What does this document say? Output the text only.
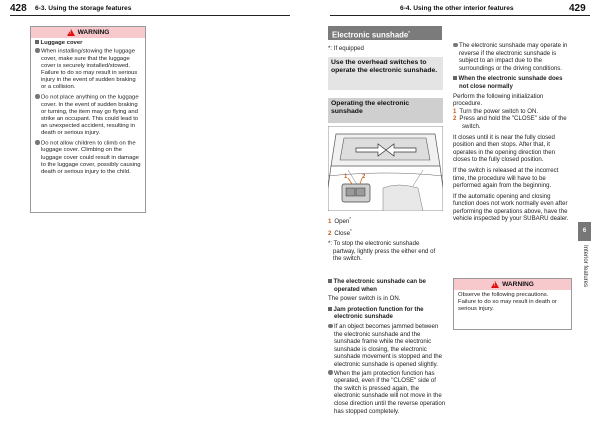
428 6-3. Using the storage features
!
WARNING
Luggage cover
When installing/stowing the luggage cover, make sure that the luggage cover is securely installed/stowed. Failure to do so may result in serious injury in the event of sudden braking or a collision.
Do not place anything on the luggage cover. In the event of sudden braking or turning, the item may go flying and strike an occupant. This could lead to an unexpected accident, resulting in death or serious injury.
Do not allow children to climb on the luggage cover. Climbing on the luggage cover could result in damage to the luggage cover, possibly causing death or serious injury to the child.
6-4. Using the other interior features	429
Electronic sunshade*
*: If equipped
Use the overhead switches to operate the electronic sunshade.
Operating the electronic sunshade
1 2
1 Open*
2 Close*
*: To stop the electronic sunshade partway, lightly press the either end of the switch.
The electronic sunshade can be operated when
The power switch is in ON.
Jam protection function for the electronic sunshade
If an object becomes jammed between the electronic sunshade and the sunshade frame while the electronic sunshade is closing, the electronic sunshade movement is stopped and the electronic sunshade is opened slightly.
When the jam protection function has operated, even if the "CLOSE" side of the switch is pressed again, the electronic sunshade will not move in the close direction until the reverse operation has stopped completely.
The electronic sunshade may operate in reverse if the electronic sunshade is subject to an impact due to the surroundings or the driving conditions.
When the electronic sunshade does not close normally
Perform the following initialization procedure.
1 Turn the power switch to ON.
2 Press and hold the "CLOSE" side of the switch.
It closes until it is near the fully closed position and then stops. After that, it operates in the opening direction then closes to the fully closed position.
If the switch is released at the incorrect time, the procedure will have to be performed again from the beginning.
If the automatic opening and closing function does not work normally even after performing the operations above, have the vehicle inspected by your SUBARU dealer.
!
WARNING
Observe the following precautions.
Failure to do so may result in death or serious injury.
6
Interior features
